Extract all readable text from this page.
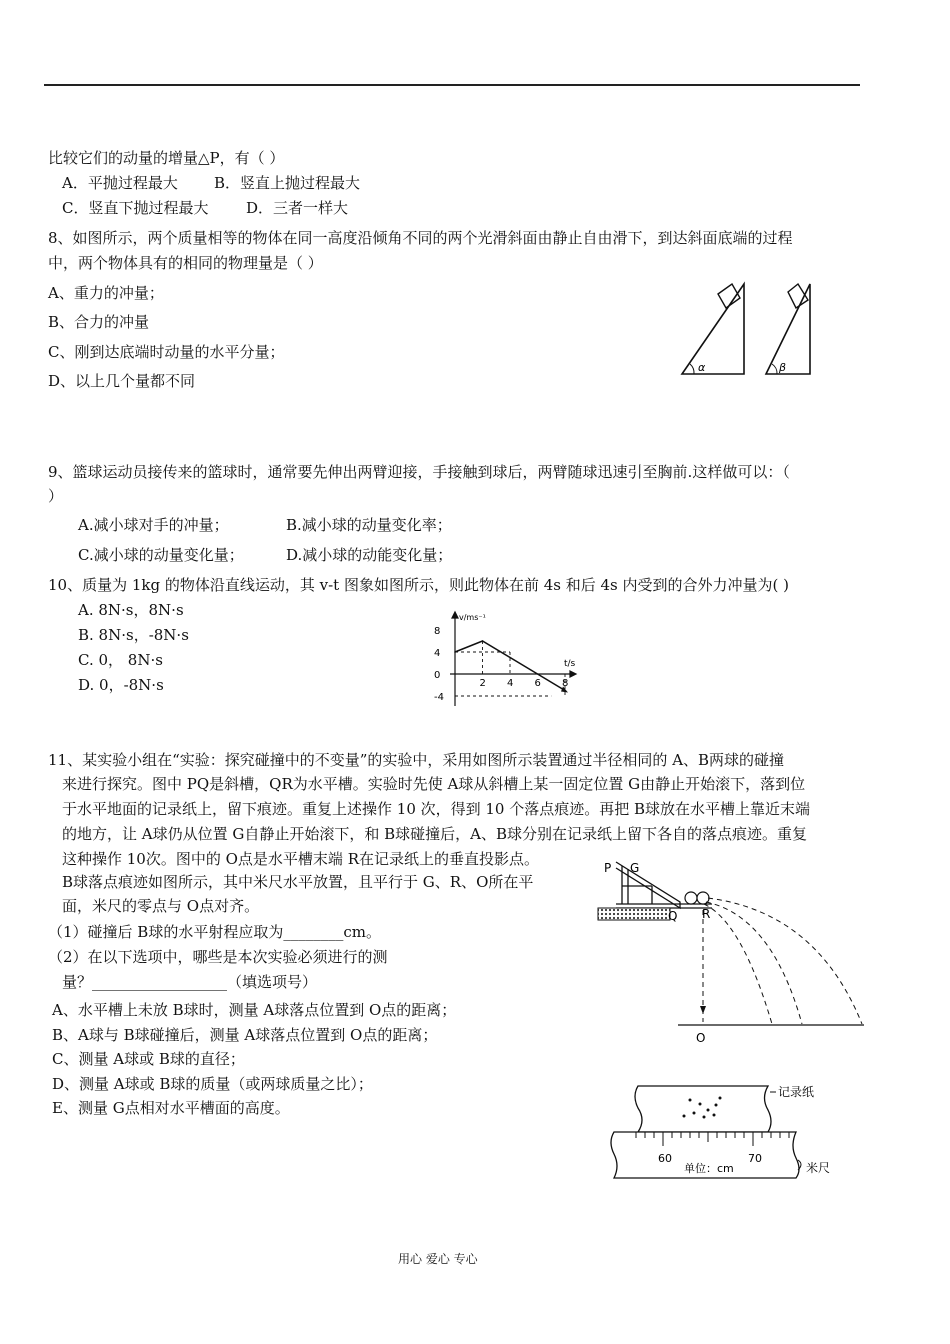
比较它们的动量的增量△P，有（ ）
A．平抛过程最大 B．竖直上抛过程最大
C．竖直下抛过程最大	D．三者一样大
8、如图所示，两个质量相等的物体在同一高度沿倾角不同的两个光滑斜面由静止自由滑下，到达斜面底端的过程
中，两个物体具有的相同的物理量是（ ）
A、重力的冲量；
B、合力的冲量
C、刚到达底端时动量的水平分量；
D、以上几个量都不同
α	β
9、篮球运动员接传来的篮球时，通常要先伸出两臂迎接，手接触到球后，两臂随球迅速引至胸前.这样做可以：（
）
A.减小球对手的冲量；	B.减小球的动量变化率；
C.减小球的动量变化量；	D.减小球的动能变化量；
10、质量为 1kg 的物体沿直线运动，其 v-t 图象如图所示，则此物体在前 4s 和后 4s 内受到的合外力冲量为( )
A. 8N·s，8N·s
B. 8N·s，-8N·s
C. 0， 8N·s
D. 0，-8N·s
8
4
0
-4
2 4 6 8
t/s
v/ms⁻¹
11、某实验小组在“实验：探究碰撞中的不变量”的实验中，采用如图所示装置通过半径相同的 A、B两球的碰撞
来进行探究。图中 PQ是斜槽，QR为水平槽。实验时先使 A球从斜槽上某一固定位置 G由静止开始滚下，落到位
于水平地面的记录纸上，留下痕迹。重复上述操作 10 次，得到 10 个落点痕迹。再把 B球放在水平槽上靠近末端
的地方，让 A球仍从位置 G自静止开始滚下，和 B球碰撞后，A、B球分别在记录纸上留下各自的落点痕迹。重复
这种操作 10次。图中的 O点是水平槽末端 R在记录纸上的垂直投影点。
B球落点痕迹如图所示，其中米尺水平放置，且平行于 G、R、O所在平
面，米尺的零点与 O点对齐。
（1）碰撞后 B球的水平射程应取为________cm。
（2）在以下选项中，哪些是本次实验必须进行的测
量？__________________（填选项号）
A、水平槽上未放 B球时，测量 A球落点位置到 O点的距离；
B、A球与 B球碰撞后，测量 A球落点位置到 O点的距离；
C、测量 A球或 B球的直径；
D、测量 A球或 B球的质量（或两球质量之比）；
E、测量 G点相对水平槽面的高度。
P G
Q R
O
记录纸
60	70
单位：cm	米尺
用心 爱心 专心
